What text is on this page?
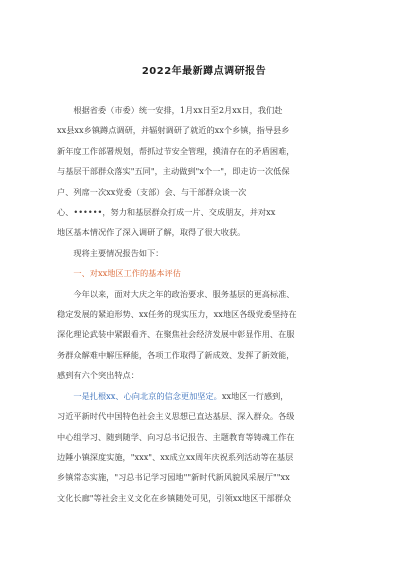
2022年最新蹲点调研报告

根据省委（市委）统一安排，1月xx日至2月xx日，我们赴
xx县xx乡镇蹲点调研，并辐射调研了就近的xx个乡镇，指导县乡
新年度工作部署规划，帮抓过节安全管理，摸清存在的矛盾困难，
与基层干部群众落实"五同"，主动做到"x个一"，即走访一次低保
户、列席一次xx党委（支部）会、与干部群众谈一次
心、••••••，努力和基层群众打成一片、交成朋友，并对xx
地区基本情况作了深入调研了解，取得了很大收获。

现将主要情况报告如下：

一、对xx地区工作的基本评估

今年以来，面对大庆之年的政治要求、服务基层的更高标准、
稳定发展的紧迫形势、xx任务的现实压力，xx地区各级党委坚持在
深化理论武装中紧跟看齐、在聚焦社会经济发展中彰显作用、在服
务群众解难中解压释能，各项工作取得了新成效、发挥了新效能，
感到有六个突出特点：

一是扎根xx、心向北京的信念更加坚定。xx地区一行感到，
习近平新时代中国特色社会主义思想已直达基层、深入群众。各级
中心组学习、随到随学、向习总书记报告、主题教育等铸魂工作在
边陲小镇深度实施，"xxx"、xx成立xx周年庆祝系列活动等在基层
乡镇常态实施，"习总书记学习园地""新时代新风貌风采展厅""xx
文化长廊"等社会主义文化在乡镇随处可见，引领xx地区干部群众
